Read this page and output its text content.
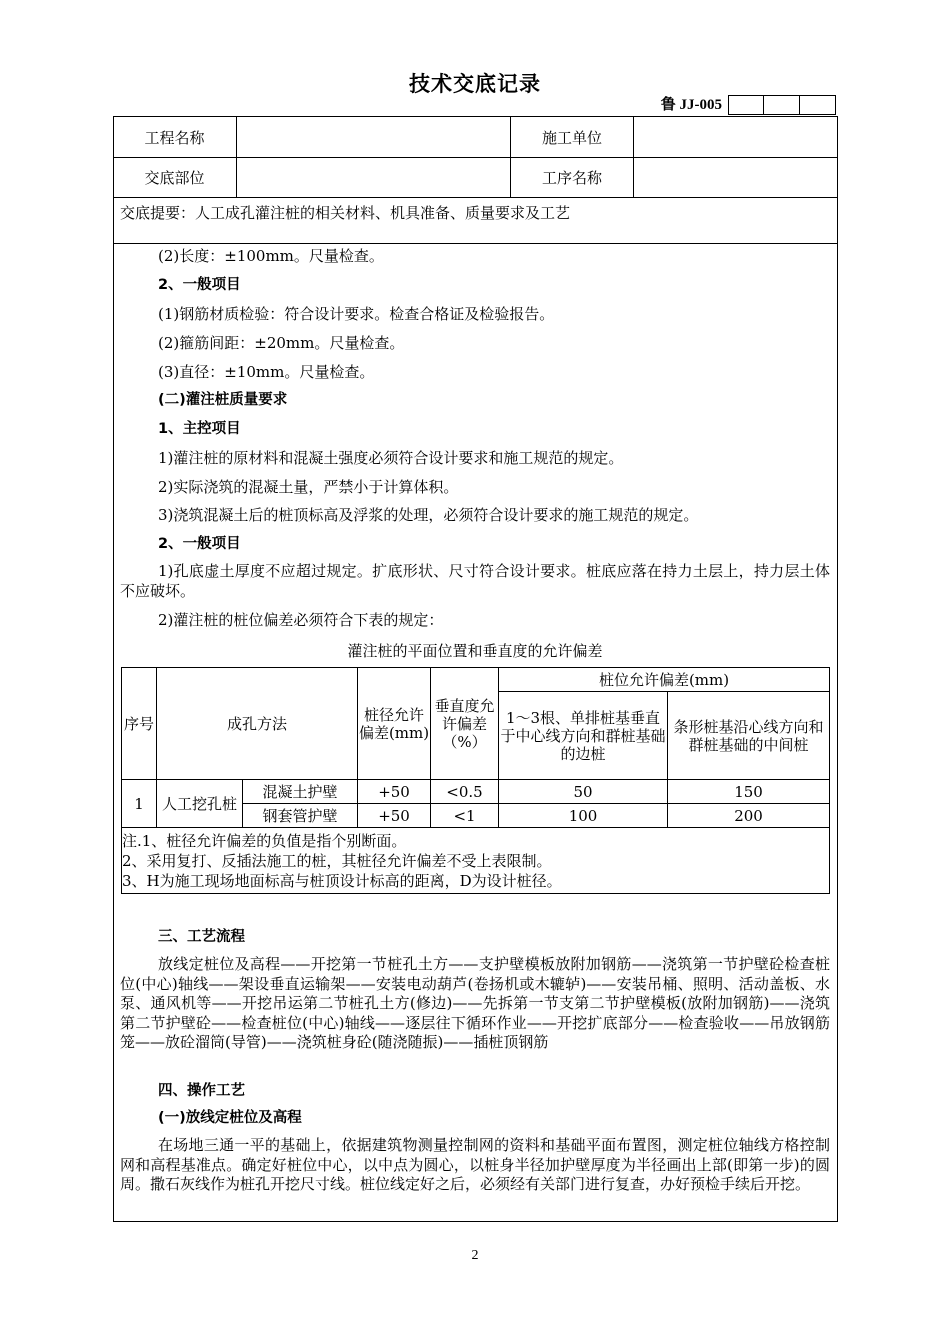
技术交底记录
鲁 JJ-005
工程名称	施工单位
交底部位	工序名称
交底提要：人工成孔灌注桩的相关材料、机具准备、质量要求及工艺
(2)长度：±100mm。尺量检查。
2、一般项目
(1)钢筋材质检验：符合设计要求。检查合格证及检验报告。
(2)箍筋间距：±20mm。尺量检查。
(3)直径：±10mm。尺量检查。
(二)灌注桩质量要求
1、主控项目
1)灌注桩的原材料和混凝土强度必须符合设计要求和施工规范的规定。
2)实际浇筑的混凝土量，严禁小于计算体积。
3)浇筑混凝土后的桩顶标高及浮浆的处理，必须符合设计要求的施工规范的规定。
2、一般项目
1)孔底虚土厚度不应超过规定。扩底形状、尺寸符合设计要求。桩底应落在持力土层上，持力层土体不应破坏。
2)灌注桩的桩位偏差必须符合下表的规定：
灌注桩的平面位置和垂直度的允许偏差
序号	成孔方法		桩径允许偏差(mm)	垂直度允许偏差（%）	桩位允许偏差(mm)	
					1～3根、单排桩基垂直于中心线方向和群桩基础的边桩	条形桩基沿心线方向和群桩基础的中间桩
1	人工挖孔桩	混凝土护壁	+50	<0.5	50	150
		钢套管护壁	+50	<1	100	200

注.1、桩径允许偏差的负值是指个别断面。
2、采用复打、反插法施工的桩，其桩径允许偏差不受上表限制。
3、H为施工现场地面标高与桩顶设计标高的距离，D为设计桩径。						
三、工艺流程
放线定桩位及高程——开挖第一节桩孔土方——支护壁模板放附加钢筋——浇筑第一节护壁砼检查桩位(中心)轴线——架设垂直运输架——安装电动葫芦(卷扬机或木辘轳)——安装吊桶、照明、活动盖板、水泵、通风机等——开挖吊运第二节桩孔土方(修边)——先拆第一节支第二节护壁模板(放附加钢筋)——浇筑第二节护壁砼——检查桩位(中心)轴线——逐层往下循环作业——开挖扩底部分——检查验收——吊放钢筋笼——放砼溜筒(导管)——浇筑桩身砼(随浇随振)——插桩顶钢筋
四、操作工艺
(一)放线定桩位及高程
在场地三通一平的基础上，依据建筑物测量控制网的资料和基础平面布置图，测定桩位轴线方格控制网和高程基准点。确定好桩位中心，以中点为圆心，以桩身半径加护壁厚度为半径画出上部(即第一步)的圆周。撒石灰线作为桩孔开挖尺寸线。桩位线定好之后，必须经有关部门进行复查，办好预检手续后开挖。
2
